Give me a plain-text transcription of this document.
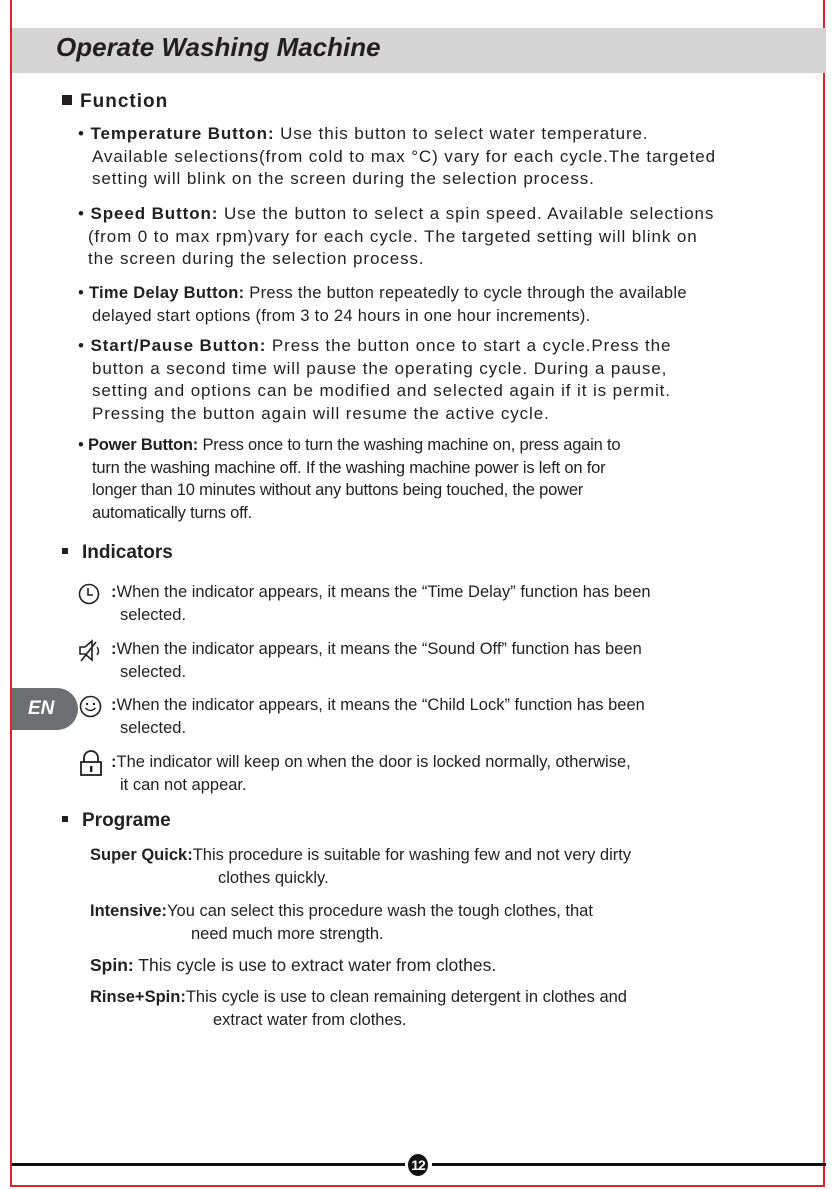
Operate Washing Machine
Function
• Temperature Button: Use this button to select water temperature.
Available selections(from cold to max °C) vary for each cycle.The targeted
setting will blink on the screen during the selection process.
• Speed Button: Use the button to select a spin speed. Available selections
(from 0 to max rpm)vary for each cycle. The targeted setting will blink on
the screen during the selection process.
• Time Delay Button: Press the button repeatedly to cycle through the available
delayed start options (from 3 to 24 hours in one hour increments).
• Start/Pause Button: Press the button once to start a cycle.Press the
button a second time will pause the operating cycle. During a pause,
setting and options can be modified and selected again if it is permit.
Pressing the button again will resume the active cycle.
• Power Button: Press once to turn the washing machine on, press again to
turn the washing machine off. If the washing machine power is left on for
longer than 10 minutes without any buttons being touched, the power
automatically turns off.
Indicators
:When the indicator appears, it means the “Time Delay” function has been
selected.
:When the indicator appears, it means the “Sound Off” function has been
selected.
EN	:When the indicator appears, it means the “Child Lock” function has been
selected.
:The indicator will keep on when the door is locked normally, otherwise,
it can not appear.
Programe
Super Quick:This procedure is suitable for washing few and not very dirty
clothes quickly.
Intensive:You can select this procedure wash the tough clothes, that
need much more strength.
Spin: This cycle is use to extract water from clothes.
Rinse+Spin:This cycle is use to clean remaining detergent in clothes and
extract water from clothes.
12
